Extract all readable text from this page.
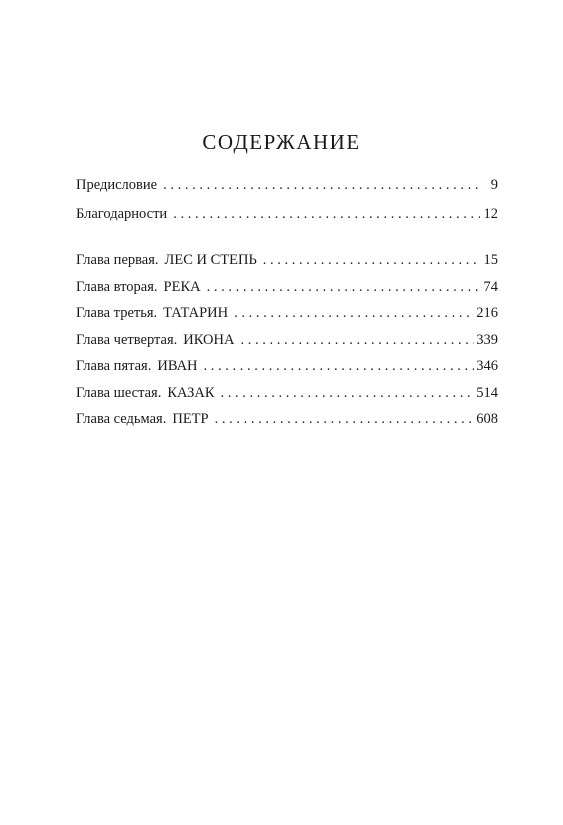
СОДЕРЖАНИЕ
Предисловие . . .	9
Благодарности . . .	12
Глава первая. ЛЕС И СТЕПЬ . . .	15
Глава вторая. РЕКА . . .	74
Глава третья. ТАТАРИН . . .	216
Глава четвертая. ИКОНА . . .	339
Глава пятая. ИВАН . . .	346
Глава шестая. КАЗАК . . .	514
Глава седьмая. ПЕТР . . .	608
